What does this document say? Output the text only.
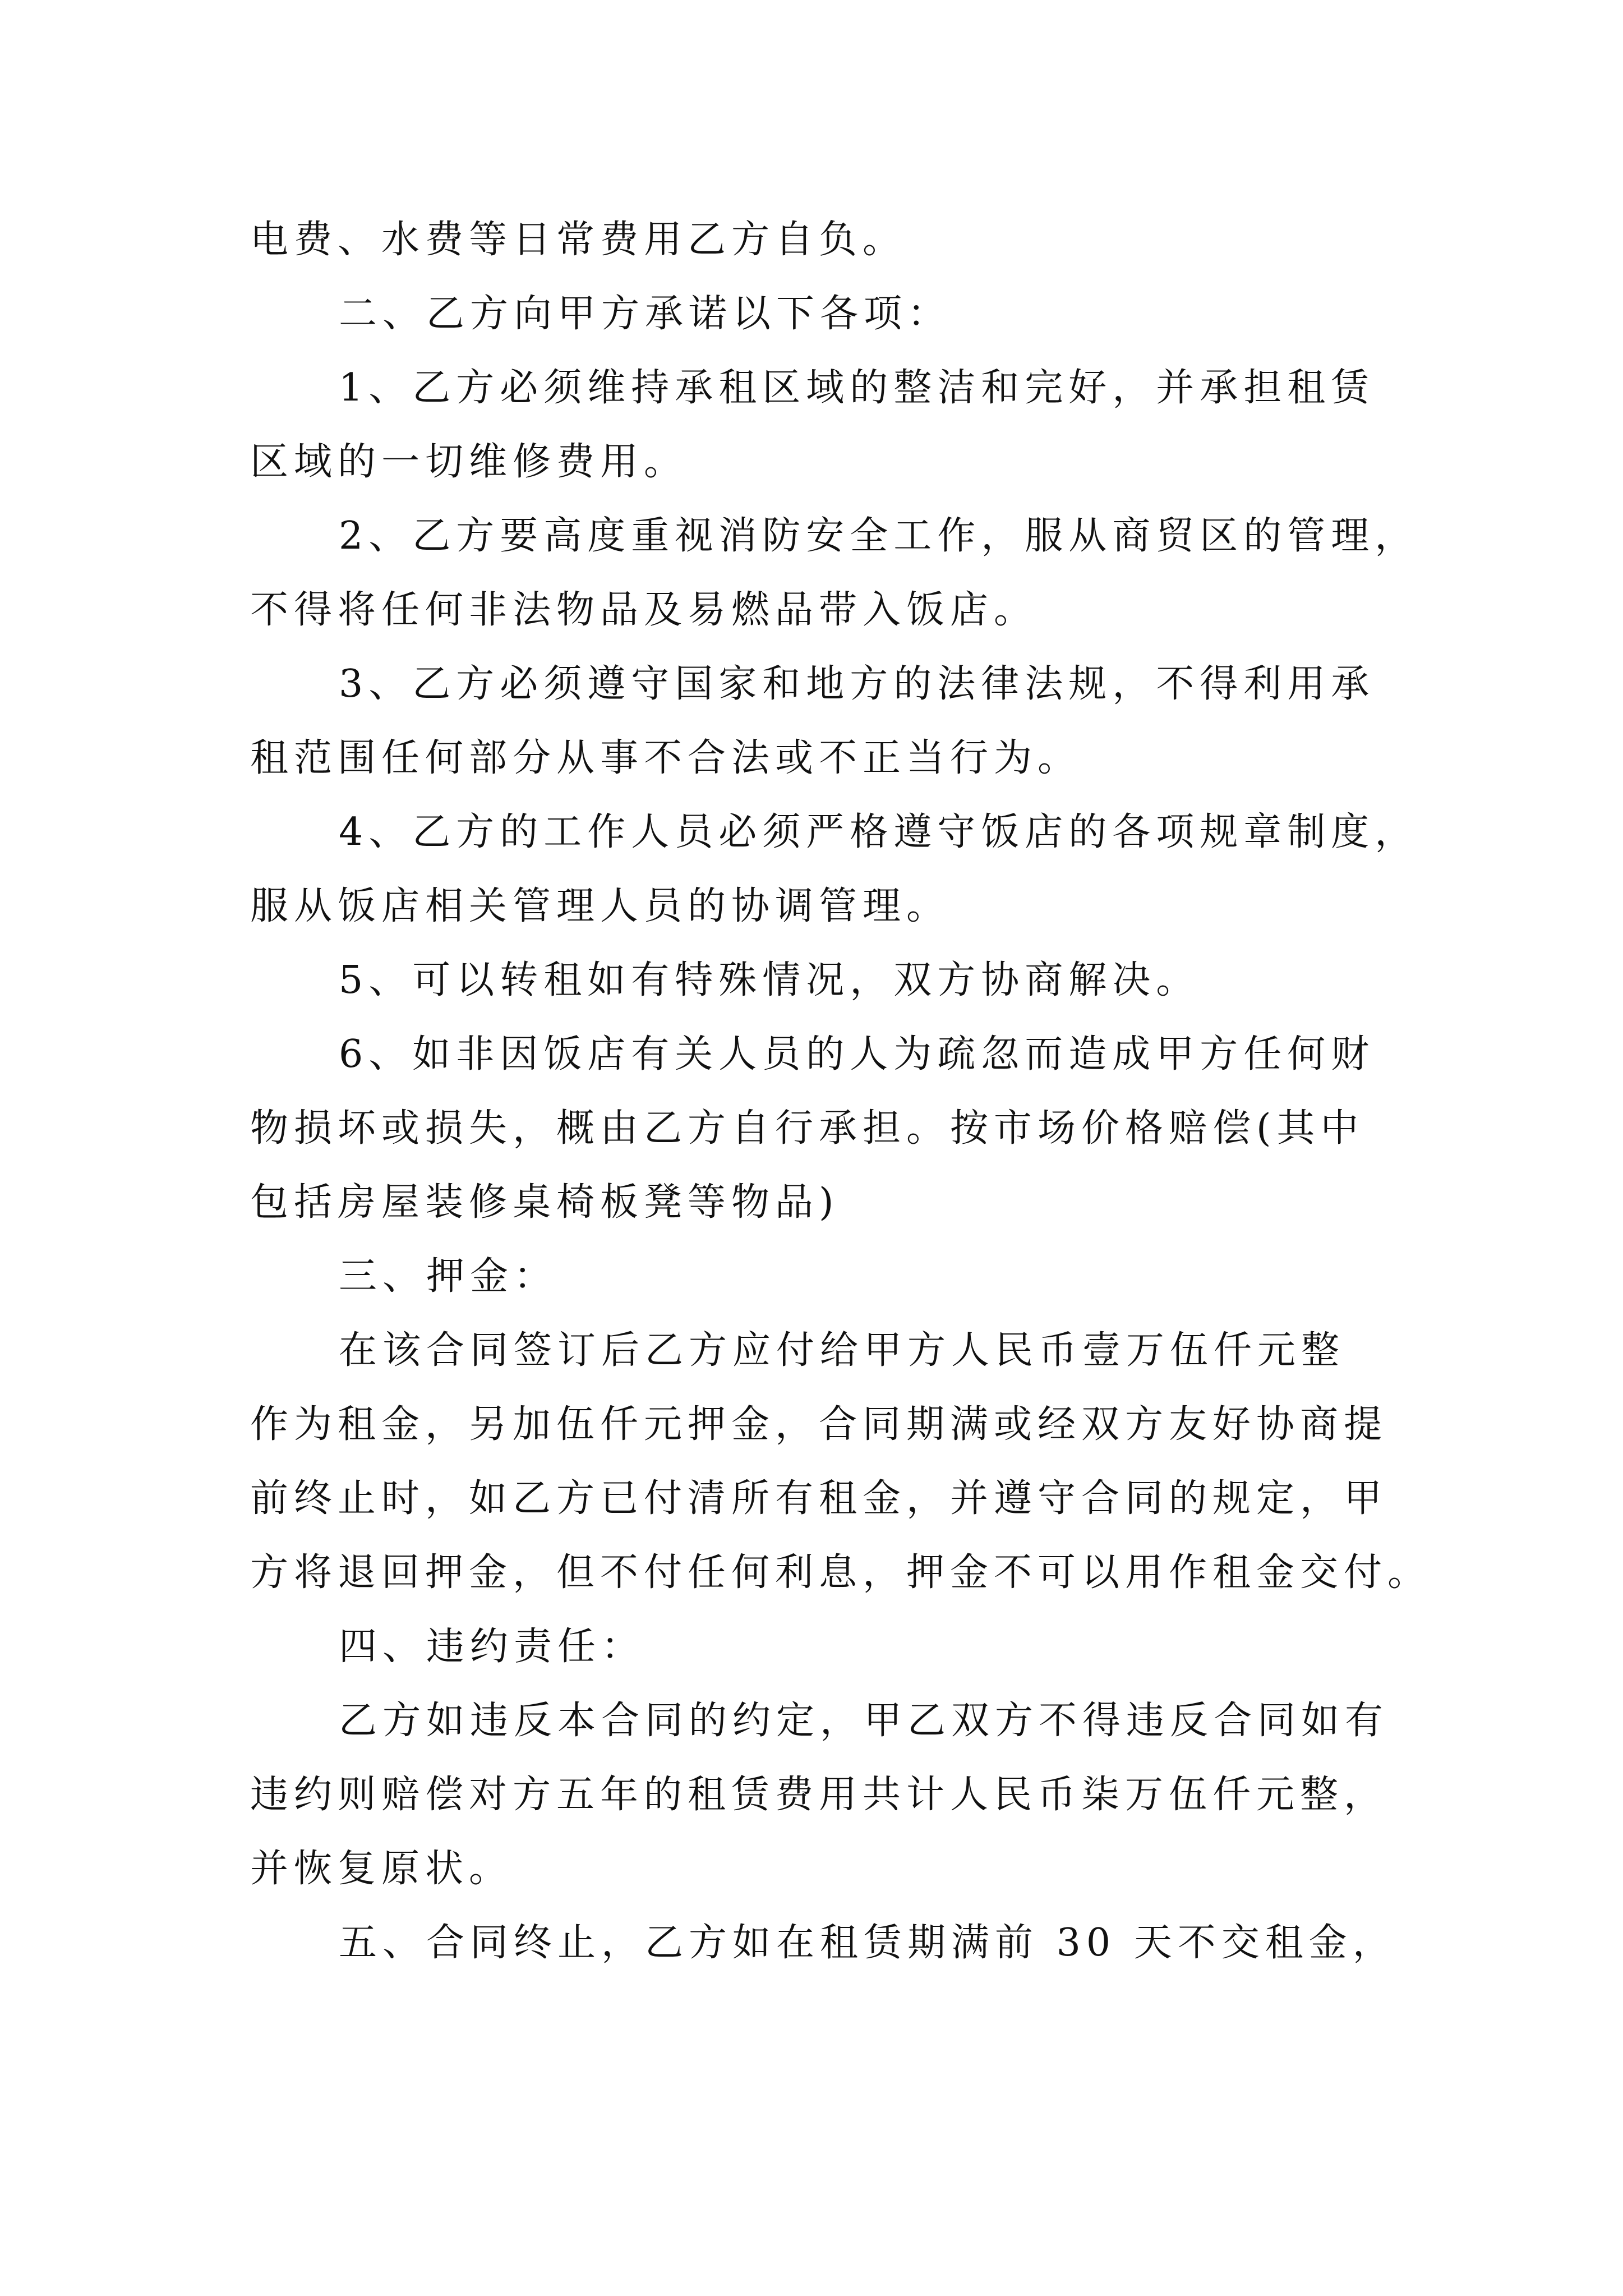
电费、水费等日常费用乙方自负。
二、乙方向甲方承诺以下各项：
1、乙方必须维持承租区域的整洁和完好，并承担租赁
区域的一切维修费用。
2、乙方要高度重视消防安全工作，服从商贸区的管理，
不得将任何非法物品及易燃品带入饭店。
3、乙方必须遵守国家和地方的法律法规，不得利用承
租范围任何部分从事不合法或不正当行为。
4、乙方的工作人员必须严格遵守饭店的各项规章制度，
服从饭店相关管理人员的协调管理。
5、可以转租如有特殊情况，双方协商解决。
6、如非因饭店有关人员的人为疏忽而造成甲方任何财
物损坏或损失，概由乙方自行承担。按市场价格赔偿(其中
包括房屋装修桌椅板凳等物品)
三、押金：
在该合同签订后乙方应付给甲方人民币壹万伍仟元整
作为租金，另加伍仟元押金，合同期满或经双方友好协商提
前终止时，如乙方已付清所有租金，并遵守合同的规定，甲
方将退回押金，但不付任何利息，押金不可以用作租金交付。
四、违约责任：
乙方如违反本合同的约定，甲乙双方不得违反合同如有
违约则赔偿对方五年的租赁费用共计人民币柒万伍仟元整，
并恢复原状。
五、合同终止，乙方如在租赁期满前 30 天不交租金，
